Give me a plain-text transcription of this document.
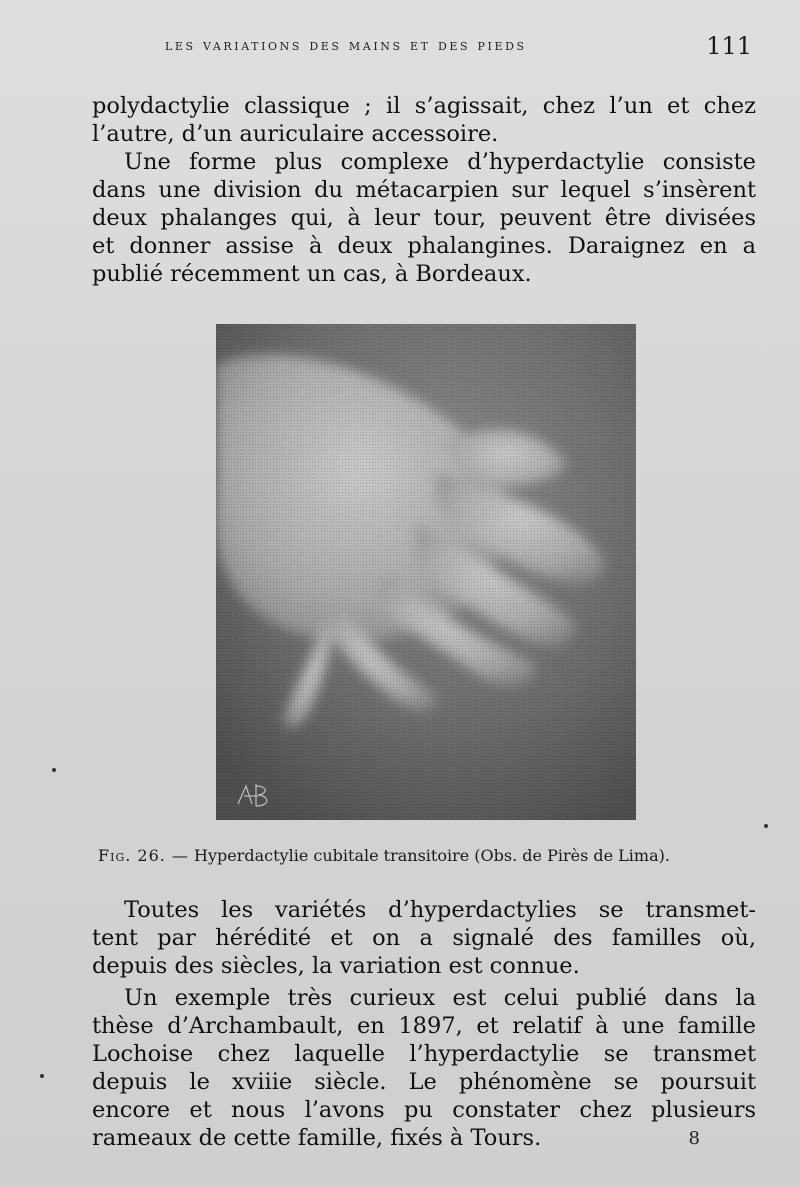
les variations des mains et des pieds	111

polydactylie classique ; il s’agissait, chez l’un et chez
l’autre, d’un auriculaire accessoire.

Une forme plus complexe d’hyperdactylie consiste
dans une division du métacarpien sur lequel s’insèrent
deux phalanges qui, à leur tour, peuvent être divisées
et donner assise à deux phalangines. Daraignez en a
publié récemment un cas, à Bordeaux.

Fig. 26. — Hyperdactylie cubitale transitoire (Obs. de Pirès de Lima).

Toutes les variétés d’hyperdactylies se transmet-
tent par hérédité et on a signalé des familles où,
depuis des siècles, la variation est connue.

Un exemple très curieux est celui publié dans la
thèse d’Archambault, en 1897, et relatif à une famille
Lochoise chez laquelle l’hyperdactylie se transmet
depuis le xviiie siècle. Le phénomène se poursuit
encore et nous l’avons pu constater chez plusieurs
rameaux de cette famille, fixés à Tours.	8
